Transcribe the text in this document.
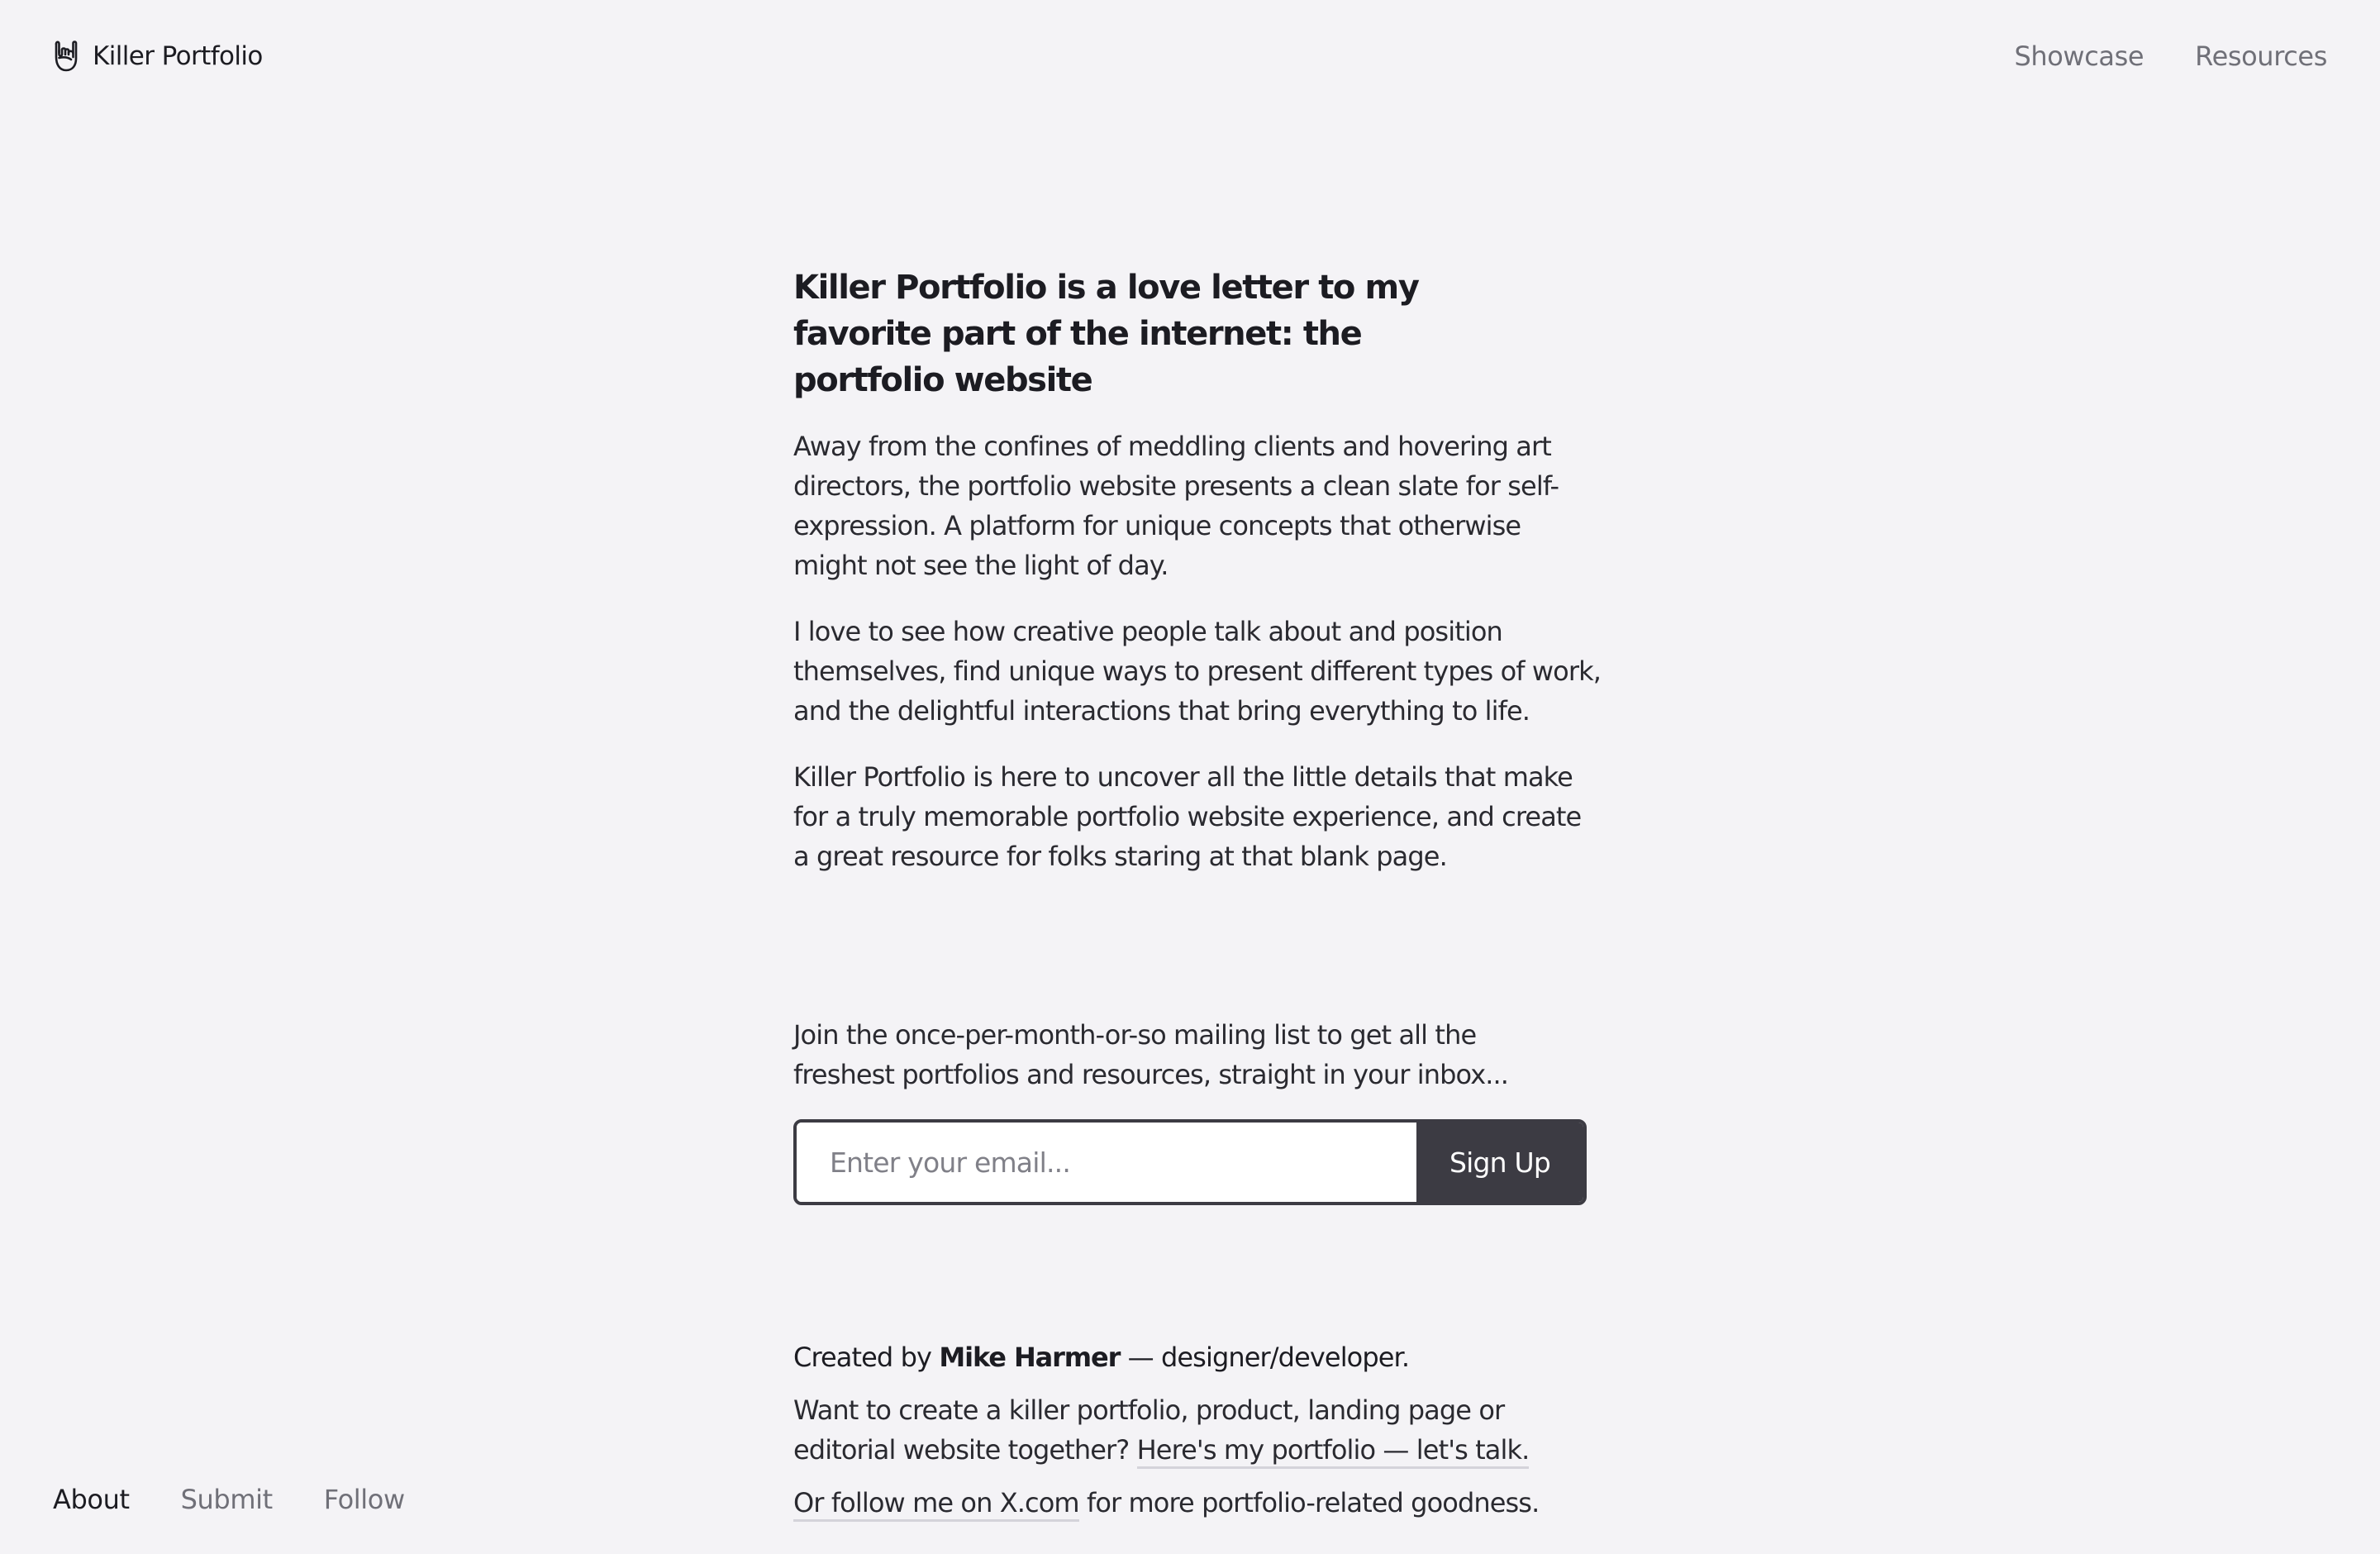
Killer Portfolio	Showcase Resources
Killer Portfolio is a love letter to my favorite part of the internet: the portfolio website

Away from the confines of meddling clients and hovering art directors, the portfolio website presents a clean slate for self-expression. A platform for unique concepts that otherwise might not see the light of day.

I love to see how creative people talk about and position themselves, find unique ways to present different types of work, and the delightful interactions that bring everything to life.

Killer Portfolio is here to uncover all the little details that make for a truly memorable portfolio website experience, and create a great resource for folks staring at that blank page.

Join the once-per-month-or-so mailing list to get all the freshest portfolios and resources, straight in your inbox...

Enter your email...
Sign Up

Created by Mike Harmer — designer/developer.

Want to create a killer portfolio, product, landing page or editorial website together? Here's my portfolio — let's talk.

Or follow me on X.com for more portfolio-related goodness.

About Submit Follow
